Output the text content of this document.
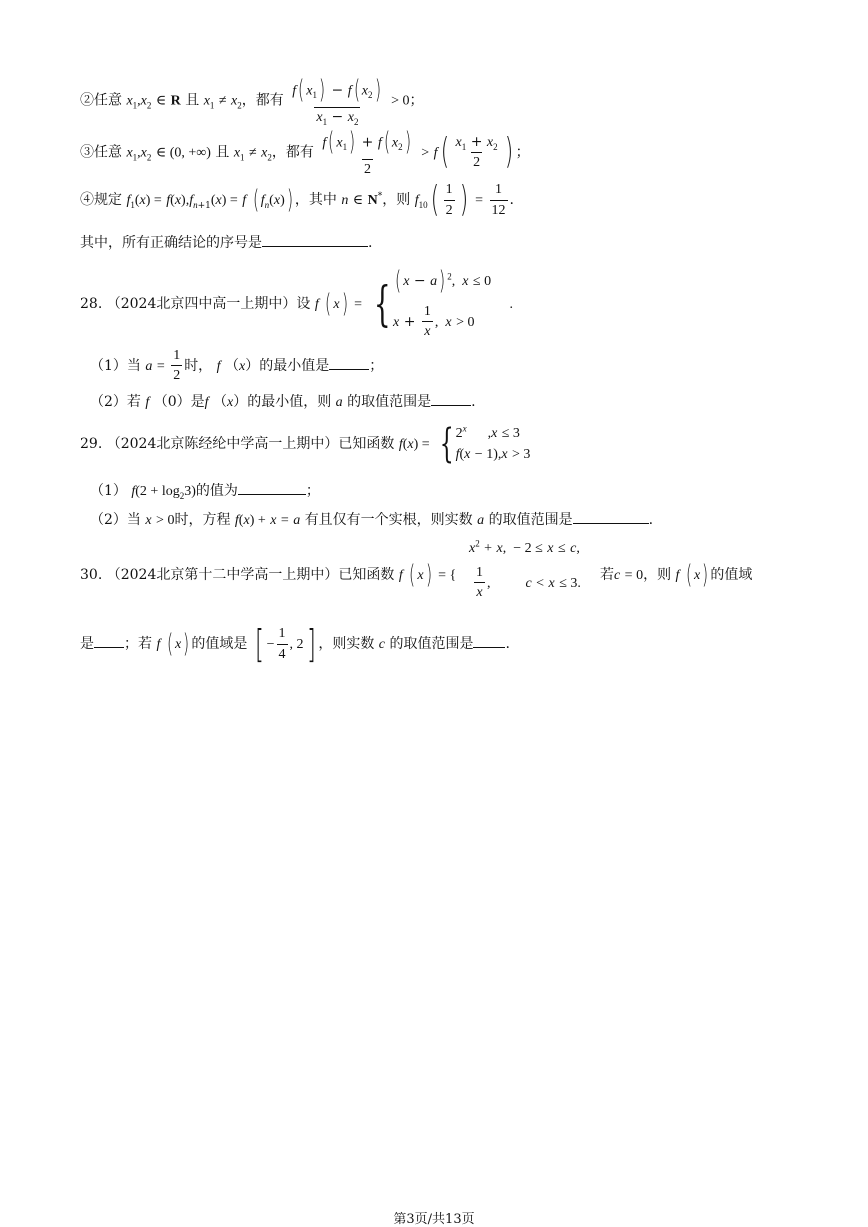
②任意 $x_1,x_2$ ∈ R 且 $x_1 \ne x_2$，都有 $\frac{f( x_1) - f( x_2)}{x_1 - x_2} > 0$；
③任意 $x_1,x_2$ ∈ (0, +∞) 且 $x_1 \ne x_2$，都有 $\frac{f( x_1) + f( x_2)}{2} > f( \frac{x_1 + x_2}{2}$ ) ；
④规定 $f_1(x) = f(x),f_{n+1}(x) = f$ ( $f_n(x)$) ，其中 n ∈ N*，则 $f_{10}( \frac{1}{2}$ ) = $\frac{1}{12}$ .
其中，所有正确结论的序号是	.
28. （2024北京四中高一上期中）设 f ( x) = { ( x − a) $^2$,  x ≤ 0
$x + \frac{1}{x}$ ,  x > 0
.
（1）当 $a = \frac{1}{2}$ 时， f （x）的最小值是	；
（2）若 f （0）是f （x）的最小值，则 a 的取值范围是	.
29. （2024北京陈经纶中学高一上期中）已知函数 f(x) = { 2$^x$      ,x ≤ 3
f(x − 1),x > 3
（1） $f(2 + \log_23)$的值为	；
（2）当 x > 0时，方程 f(x) + x = a 有且仅有一个实根，则实数 a 的取值范围是	.
30. （2024北京第十二中学高一上期中）已知函数 f ( x) = {
$x^2 + x$,  − 2 ≤ x ≤ c,
$\frac{1}{x}$ ,          c < x ≤ 3.
若c = 0，则 f ( x) 的值域
是 ；若 f ( x) 的值域是 [ − $\frac{1}{4}$ , 2] ，则实数 c 的取值范围是 .
第3页/共13页
